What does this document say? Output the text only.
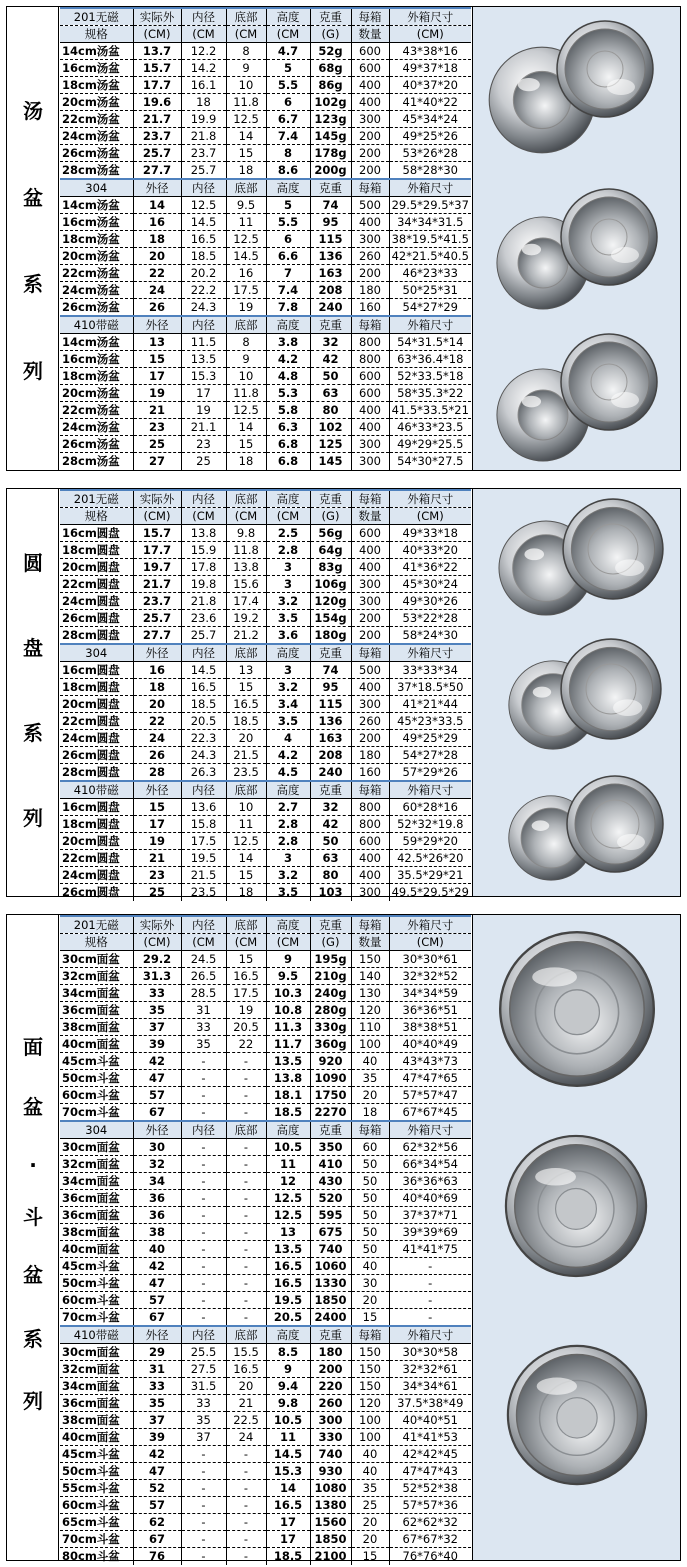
汤
盆
系
列
201无磁	实际外	内径	底部	高度	克重	每箱	外箱尺寸
规格	(CM)	(CM	(CM	(CM	(G)	数量	(CM)
14cm汤盆	13.7	12.2	8	4.7	52g	600	43*38*16
16cm汤盆	15.7	14.2	9	5	68g	600	49*37*18
18cm汤盆	17.7	16.1	10	5.5	86g	400	40*37*20
20cm汤盆	19.6	18	11.8	6	102g	400	41*40*22
22cm汤盆	21.7	19.9	12.5	6.7	123g	300	45*34*24
24cm汤盆	23.7	21.8	14	7.4	145g	200	49*25*26
26cm汤盆	25.7	23.7	15	8	178g	200	53*26*28
28cm汤盆	27.7	25.7	18	8.6	200g	200	58*28*30
304	外径	内径	底部	高度	克重	每箱	外箱尺寸
14cm汤盆	14	12.5	9.5	5	74	500	29.5*29.5*37
16cm汤盆	16	14.5	11	5.5	95	400	34*34*31.5
18cm汤盆	18	16.5	12.5	6	115	300	38*19.5*41.5
20cm汤盆	20	18.5	14.5	6.6	136	260	42*21.5*40.5
22cm汤盆	22	20.2	16	7	163	200	46*23*33
24cm汤盆	24	22.2	17.5	7.4	208	180	50*25*31
26cm汤盆	26	24.3	19	7.8	240	160	54*27*29
410带磁	外径	内径	底部	高度	克重	每箱	外箱尺寸
14cm汤盆	13	11.5	8	3.8	32	800	54*31.5*14
16cm汤盆	15	13.5	9	4.2	42	800	63*36.4*18
18cm汤盆	17	15.3	10	4.8	50	600	52*33.5*18
20cm汤盆	19	17	11.8	5.3	63	600	58*35.3*22
22cm汤盆	21	19	12.5	5.8	80	400	41.5*33.5*21
24cm汤盆	23	21.1	14	6.3	102	400	46*33*23.5
26cm汤盆	25	23	15	6.8	125	300	49*29*25.5
28cm汤盆	27	25	18	6.8	145	300	54*30*27.5
圆
盘
系
列
201无磁	实际外	内径	底部	高度	克重	每箱	外箱尺寸
规格	(CM)	(CM	(CM	(CM	(G)	数量	(CM)
16cm圆盘	15.7	13.8	9.8	2.5	56g	600	49*33*18
18cm圆盘	17.7	15.9	11.8	2.8	64g	400	40*33*20
20cm圆盘	19.7	17.8	13.8	3	83g	400	41*36*22
22cm圆盘	21.7	19.8	15.6	3	106g	300	45*30*24
24cm圆盘	23.7	21.8	17.4	3.2	120g	300	49*30*26
26cm圆盘	25.7	23.6	19.2	3.5	154g	200	53*22*28
28cm圆盘	27.7	25.7	21.2	3.6	180g	200	58*24*30
304	外径	内径	底部	高度	克重	每箱	外箱尺寸
16cm圆盘	16	14.5	13	3	74	500	33*33*34
18cm圆盘	18	16.5	15	3.2	95	400	37*18.5*50
20cm圆盘	20	18.5	16.5	3.4	115	300	41*21*44
22cm圆盘	22	20.5	18.5	3.5	136	260	45*23*33.5
24cm圆盘	24	22.3	20	4	163	200	49*25*29
26cm圆盘	26	24.3	21.5	4.2	208	180	54*27*28
28cm圆盘	28	26.3	23.5	4.5	240	160	57*29*26
410带磁	外径	内径	底部	高度	克重	每箱	外箱尺寸
16cm圆盘	15	13.6	10	2.7	32	800	60*28*16
18cm圆盘	17	15.8	11	2.8	42	800	52*32*19.8
20cm圆盘	19	17.5	12.5	2.8	50	600	59*29*20
22cm圆盘	21	19.5	14	3	63	400	42.5*26*20
24cm圆盘	23	21.5	15	3.2	80	400	35.5*29*21
26cm圆盘	25	23.5	18	3.5	103	300	49.5*29.5*29
面
盆
·
斗
盆
系
列
201无磁	实际外	内径	底部	高度	克重	每箱	外箱尺寸
规格	(CM)	(CM	(CM	(CM	(G)	数量	(CM)
30cm面盆	29.2	24.5	15	9	195g	150	30*30*61
32cm面盆	31.3	26.5	16.5	9.5	210g	140	32*32*52
34cm面盆	33	28.5	17.5	10.3	240g	130	34*34*59
36cm面盆	35	31	19	10.8	280g	120	36*36*51
38cm面盆	37	33	20.5	11.3	330g	110	38*38*51
40cm面盆	39	35	22	11.7	360g	100	40*40*49
45cm斗盆	42	-	-	13.5	920	40	43*43*73
50cm斗盆	47	-	-	13.8	1090	35	47*47*65
60cm斗盆	57	-	-	18.1	1750	20	57*57*47
70cm斗盆	67	-	-	18.5	2270	18	67*67*45
304	外径	内径	底部	高度	克重	每箱	外箱尺寸
30cm面盆	30	-	-	10.5	350	60	62*32*56
32cm面盆	32	-	-	11	410	50	66*34*54
34cm面盆	34	-	-	12	430	50	36*36*63
36cm面盆	36	-	-	12.5	520	50	40*40*69
36cm面盆	36	-	-	12.5	595	50	37*37*71
38cm面盆	38	-	-	13	675	50	39*39*69
40cm面盆	40	-	-	13.5	740	50	41*41*75
45cm斗盆	42	-	-	16.5	1060	40	-
50cm斗盆	47	-	-	16.5	1330	30	-
60cm斗盆	57	-	-	19.5	1850	20	-
70cm斗盆	67	-	-	20.5	2400	15	-
410带磁	外径	内径	底部	高度	克重	每箱	外箱尺寸
30cm面盆	29	25.5	15.5	8.5	180	150	30*30*58
32cm面盆	31	27.5	16.5	9	200	150	32*32*61
34cm面盆	33	31.5	20	9.4	220	150	34*34*61
36cm面盆	35	33	21	9.8	260	120	37.5*38*49
38cm面盆	37	35	22.5	10.5	300	100	40*40*51
40cm面盆	39	37	24	11	330	100	41*41*53
45cm斗盆	42	-	-	14.5	740	40	42*42*45
50cm斗盆	47	-	-	15.3	930	40	47*47*43
55cm斗盆	52	-	-	14	1080	35	52*52*38
60cm斗盆	57	-	-	16.5	1380	25	57*57*36
65cm斗盆	62	-	-	17	1560	20	62*62*32
70cm斗盆	67	-	-	17	1850	20	67*67*32
80cm斗盆	76	-	-	18.5	2100	15	76*76*40
